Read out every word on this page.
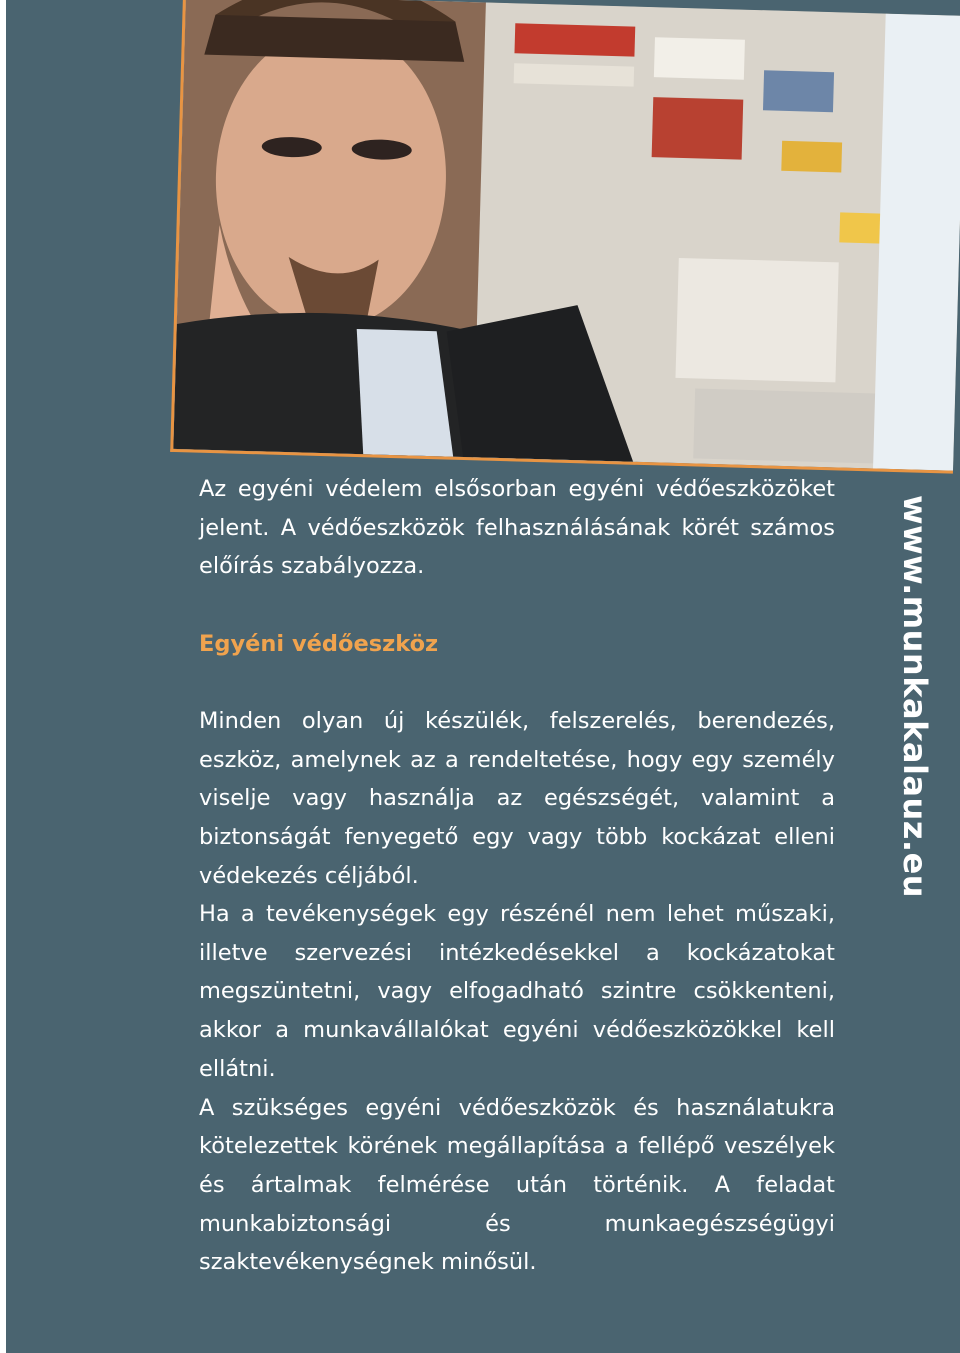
Az egyéni védelem elsősorban egyéni védőeszközöket jelent. A védőeszközök felhasználásának körét számos előírás szabályozza.

Egyéni védőeszköz

Minden olyan új készülék, felszerelés, berendezés, eszköz, amelynek az a rendeltetése, hogy egy személy viselje vagy használja az egészségét, valamint a biztonságát fenyegető egy vagy több kockázat elleni védekezés céljából.

Ha a tevékenységek egy részénél nem lehet műszaki, illetve szervezési intézkedésekkel a kockázatokat megszüntetni, vagy elfogadható szintre csökkenteni, akkor a munkavállalókat egyéni védőeszközökkel kell ellátni.

A szükséges egyéni védőeszközök és használatukra kötelezettek körének megállapítása a fellépő veszélyek és ártalmak felmérése után történik. A feladat munkabiztonsági és munkaegészségügyi szaktevékenységnek minősül.

www.munkakalauz.eu
